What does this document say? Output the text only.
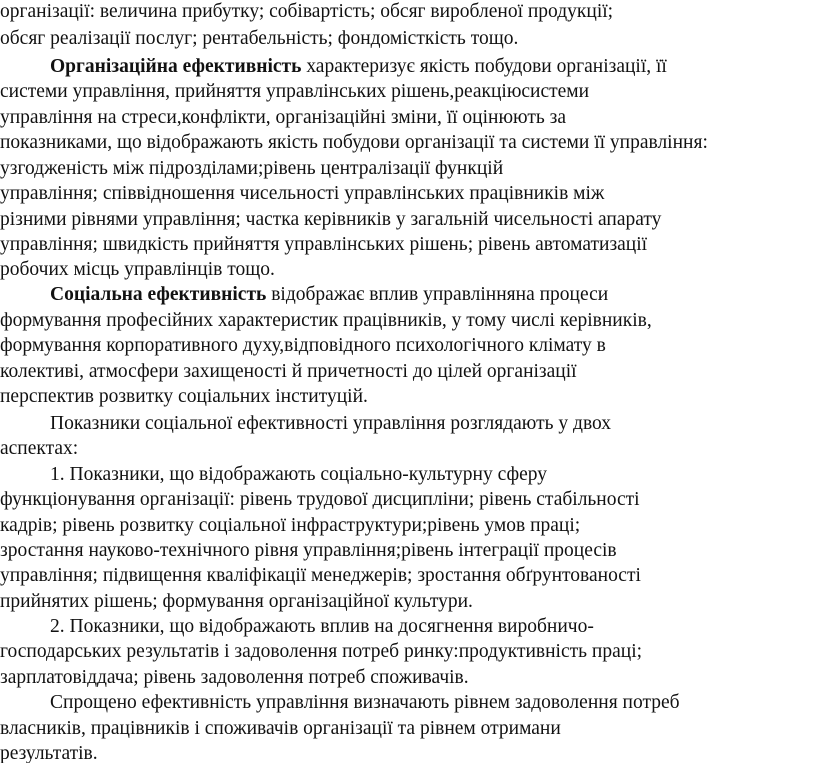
організації: величина прибутку; собівартість; обсяг виробленої продукції;
обсяг реалізації послуг; рентабельність; фондомісткість тощо.
Організаційна ефективність характеризує якість побудови організації, її
системи управління, прийняття управлінських рішень,реакціюсистеми
управління на стреси,конфлікти, організаційні зміни, її оцінюють за
показниками, що відображають якість побудови організації та системи її управління:
узгодженість між підрозділами;рівень централізації функцій
управління; співвідношення чисельності управлінських працівників між
різними рівнями управління; частка керівників у загальній чисельності апарату
управління; швидкість прийняття управлінських рішень; рівень автоматизації
робочих місць управлінців тощо.
Соціальна ефективність відображає вплив управлінняна процеси
формування професійних характеристик працівників, у тому числі керівників,
формування корпоративного духу,відповідного психологічного клімату в
колективі, атмосфери захищеності й причетності до цілей організації
перспектив розвитку соціальних інституцій.
Показники соціальної ефективності управління розглядають у двох
аспектах:
1. Показники, що відображають соціально-культурну сферу
функціонування організації: рівень трудової дисципліни; рівень стабільності
кадрів; рівень розвитку соціальної інфраструктури;рівень умов праці;
зростання науково-технічного рівня управління;рівень інтеграції процесів
управління; підвищення кваліфікації менеджерів; зростання обґрунтованості
прийнятих рішень; формування організаційної культури.
2. Показники, що відображають вплив на досягнення виробничо-
господарських результатів і задоволення потреб ринку:продуктивність праці;
зарплатовіддача; рівень задоволення потреб споживачів.
Спрощено ефективність управління визначають рівнем задоволення потреб
власників, працівників і споживачів організації та рівнем отримани
результатів.
